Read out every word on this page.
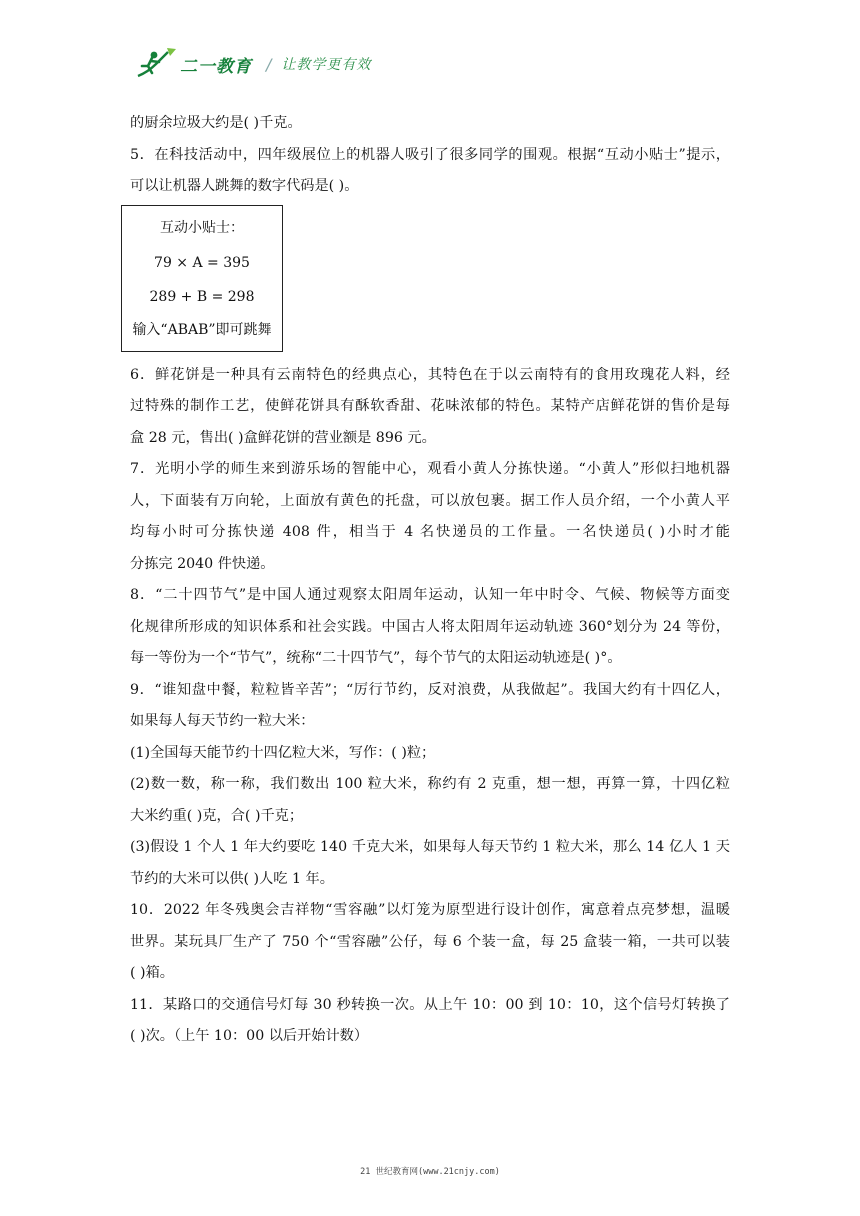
二一教育 / 让教学更有效
的厨余垃圾大约是( )千克。
5．在科技活动中，四年级展位上的机器人吸引了很多同学的围观。根据“互动小贴士”提示，
可以让机器人跳舞的数字代码是( )。
6．鲜花饼是一种具有云南特色的经典点心，其特色在于以云南特有的食用玫瑰花人料，经
过特殊的制作工艺，使鲜花饼具有酥软香甜、花味浓郁的特色。某特产店鲜花饼的售价是每
盒 28 元，售出( )盒鲜花饼的营业额是 896 元。
7．光明小学的师生来到游乐场的智能中心，观看小黄人分拣快递。“小黄人”形似扫地机器
人，下面装有万向轮，上面放有黄色的托盘，可以放包裹。据工作人员介绍，一个小黄人平
均每小时可分拣快递 408 件，相当于 4 名快递员的工作量。一名快递员( )小时才能
分拣完 2040 件快递。
8．“二十四节气”是中国人通过观察太阳周年运动，认知一年中时令、气候、物候等方面变
化规律所形成的知识体系和社会实践。中国古人将太阳周年运动轨迹 360°划分为 24 等份，
每一等份为一个“节气”，统称“二十四节气”，每个节气的太阳运动轨迹是( )°。
9．“谁知盘中餐，粒粒皆辛苦”；“厉行节约，反对浪费，从我做起”。我国大约有十四亿人，
如果每人每天节约一粒大米：
(1)全国每天能节约十四亿粒大米，写作：( )粒；
(2)数一数，称一称，我们数出 100 粒大米，称约有 2 克重，想一想，再算一算，十四亿粒
大米约重( )克，合( )千克；
(3)假设 1 个人 1 年大约要吃 140 千克大米，如果每人每天节约 1 粒大米，那么 14 亿人 1 天
节约的大米可以供( )人吃 1 年。
10．2022 年冬残奥会吉祥物“雪容融”以灯笼为原型进行设计创作，寓意着点亮梦想，温暖
世界。某玩具厂生产了 750 个“雪容融”公仔，每 6 个装一盒，每 25 盒装一箱，一共可以装
( )箱。
11．某路口的交通信号灯每 30 秒转换一次。从上午 10：00 到 10：10，这个信号灯转换了
( )次。（上午 10：00 以后开始计数）
互动小贴士：
79 × A = 395
289 + B = 298
输入“ABAB”即可跳舞
21 世纪教育网(www.21cnjy.com)
